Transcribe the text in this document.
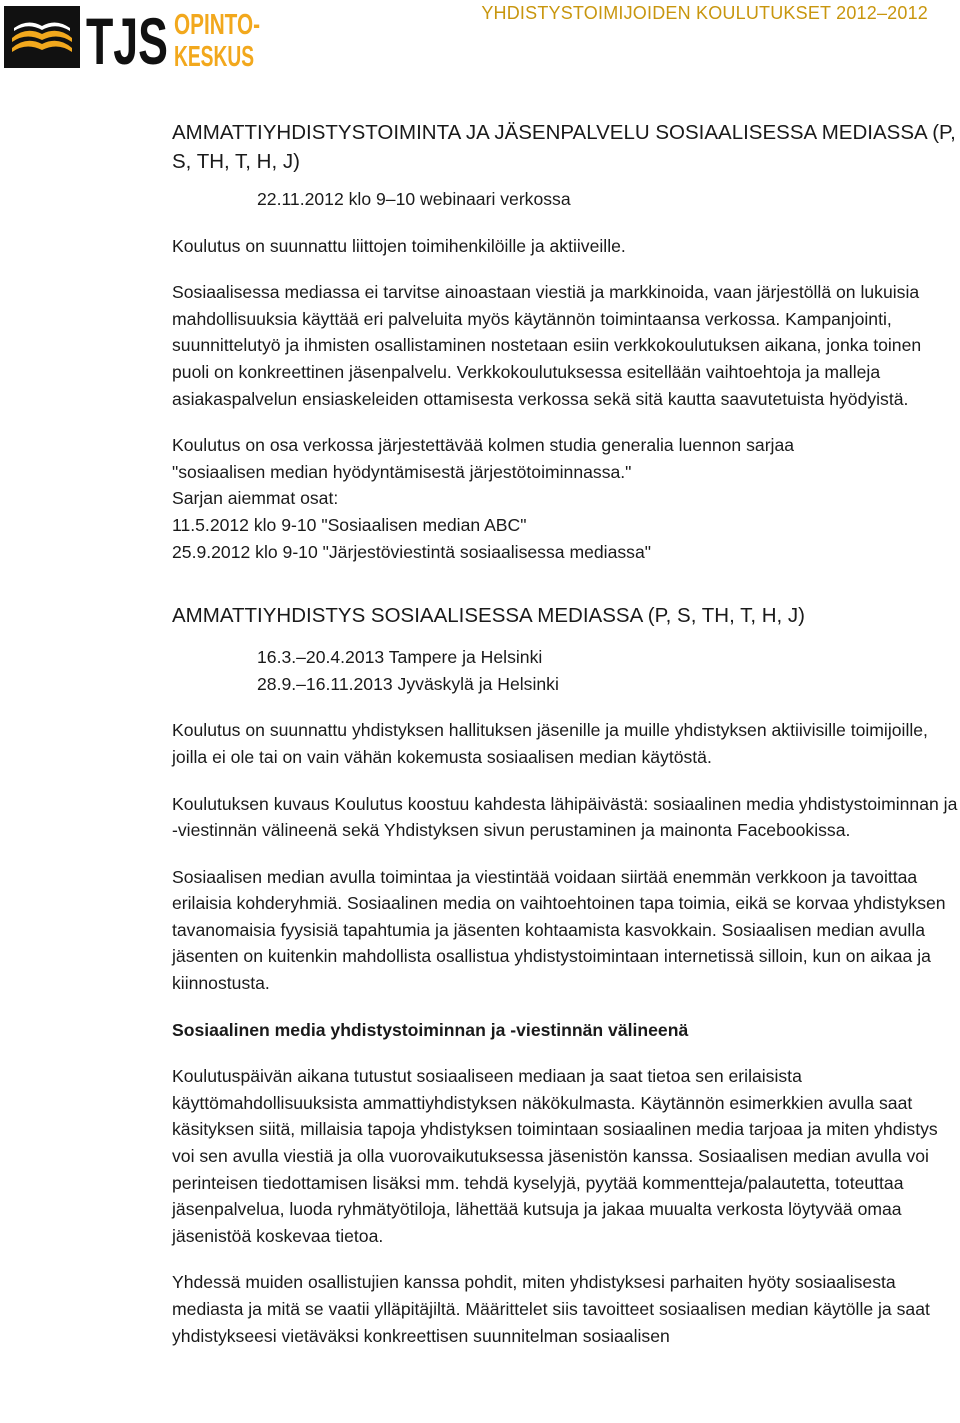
TJS OPINTO-
KESKUS
YHDISTYSTOIMIJOIDEN KOULUTUKSET 2012–2012
AMMATTIYHDISTYSTOIMINTA JA JÄSENPALVELU SOSIAALISESSA MEDIASSA (P, S, TH, T, H, J)

22.11.2012 klo 9–10 webinaari verkossa

Koulutus on suunnattu liittojen toimihenkilöille ja aktiiveille.

Sosiaalisessa mediassa ei tarvitse ainoastaan viestiä ja markkinoida, vaan järjestöllä on lukuisia mahdollisuuksia käyttää eri palveluita myös käytännön toimintaansa verkossa. Kampanjointi, suunnittelutyö ja ihmisten osallistaminen nostetaan esiin verkkokoulutuksen aikana, jonka toinen puoli on konkreettinen jäsenpalvelu. Verkkokoulutuksessa esitellään vaihtoehtoja ja malleja asiakaspalvelun ensiaskeleiden ottamisesta verkossa sekä sitä kautta saavutetuista hyödyistä.

Koulutus on osa verkossa järjestettävää kolmen studia generalia luennon sarjaa

"sosiaalisen median hyödyntämisestä järjestötoiminnassa."

Sarjan aiemmat osat:

11.5.2012 klo 9-10 "Sosiaalisen median ABC"

25.9.2012 klo 9-10 "Järjestöviestintä sosiaalisessa mediassa"

AMMATTIYHDISTYS SOSIAALISESSA MEDIASSA (P, S, TH, T, H, J)

16.3.–20.4.2013 Tampere ja Helsinki

28.9.–16.11.2013 Jyväskylä ja Helsinki

Koulutus on suunnattu yhdistyksen hallituksen jäsenille ja muille yhdistyksen aktiivisille toimijoille, joilla ei ole tai on vain vähän kokemusta sosiaalisen median käytöstä.

Koulutuksen kuvaus Koulutus koostuu kahdesta lähipäivästä: sosiaalinen media yhdistystoiminnan ja -viestinnän välineenä sekä Yhdistyksen sivun perustaminen ja mainonta Facebookissa.

Sosiaalisen median avulla toimintaa ja viestintää voidaan siirtää enemmän verkkoon ja tavoittaa erilaisia kohderyhmiä. Sosiaalinen media on vaihtoehtoinen tapa toimia, eikä se korvaa yhdistyksen tavanomaisia fyysisiä tapahtumia ja jäsenten kohtaamista kasvokkain. Sosiaalisen median avulla jäsenten on kuitenkin mahdollista osallistua yhdistystoimintaan internetissä silloin, kun on aikaa ja kiinnostusta.

Sosiaalinen media yhdistystoiminnan ja -viestinnän välineenä

Koulutuspäivän aikana tutustut sosiaaliseen mediaan ja saat tietoa sen erilaisista käyttömahdollisuuksista ammattiyhdistyksen näkökulmasta. Käytännön esimerkkien avulla saat käsityksen siitä, millaisia tapoja yhdistyksen toimintaan sosiaalinen media tarjoaa ja miten yhdistys voi sen avulla viestiä ja olla vuorovaikutuksessa jäsenistön kanssa. Sosiaalisen median avulla voi perinteisen tiedottamisen lisäksi mm. tehdä kyselyjä, pyytää kommentteja/palautetta, toteuttaa jäsenpalvelua, luoda ryhmätyötiloja, lähettää kutsuja ja jakaa muualta verkosta löytyvää omaa jäsenistöä koskevaa tietoa.

Yhdessä muiden osallistujien kanssa pohdit, miten yhdistyksesi parhaiten hyöty sosiaalisesta mediasta ja mitä se vaatii ylläpitäjiltä. Määrittelet siis tavoitteet sosiaalisen median käytölle ja saat yhdistykseesi vietäväksi konkreettisen suunnitelman sosiaalisen
